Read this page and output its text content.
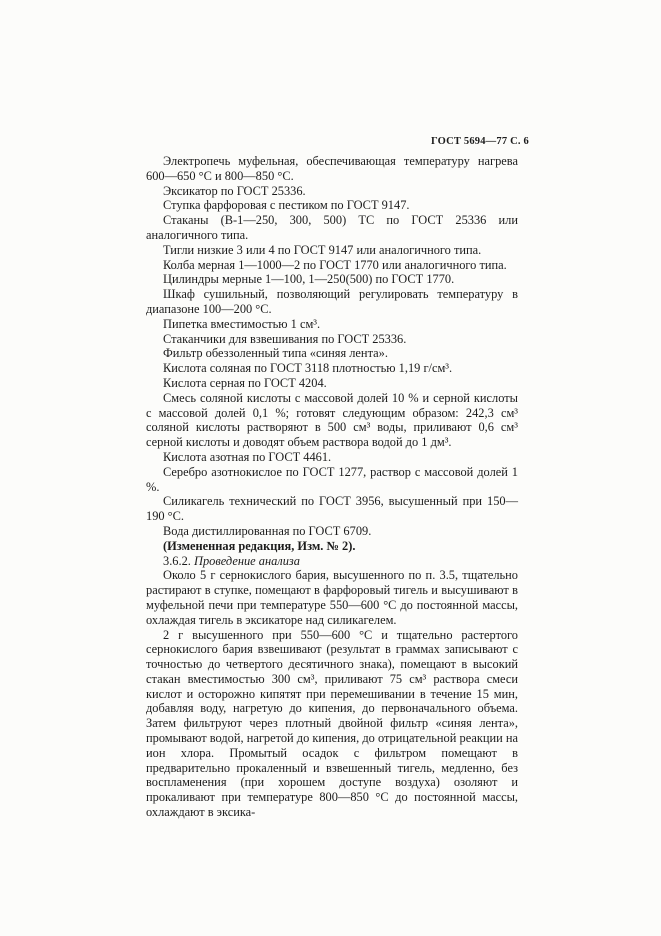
ГОСТ 5694—77 С. 6

Электропечь муфельная, обеспечивающая температуру нагрева 600—650 °С и 800—850 °С.

Эксикатор по ГОСТ 25336.

Ступка фарфоровая с пестиком по ГОСТ 9147.

Стаканы (В-1—250, 300, 500) ТС по ГОСТ 25336 или аналогичного типа.

Тигли низкие 3 или 4 по ГОСТ 9147 или аналогичного типа.

Колба мерная 1—1000—2 по ГОСТ 1770 или аналогичного типа.

Цилиндры мерные 1—100, 1—250(500) по ГОСТ 1770.

Шкаф сушильный, позволяющий регулировать температуру в диапазоне 100—200 °С.

Пипетка вместимостью 1 см³.

Стаканчики для взвешивания по ГОСТ 25336.

Фильтр обеззоленный типа «синяя лента».

Кислота соляная по ГОСТ 3118 плотностью 1,19 г/см³.

Кислота серная по ГОСТ 4204.

Смесь соляной кислоты с массовой долей 10 % и серной кислоты с массовой долей 0,1 %; готовят следующим образом: 242,3 см³ соляной кислоты растворяют в 500 см³ воды, приливают 0,6 см³ серной кислоты и доводят объем раствора водой до 1 дм³.

Кислота азотная по ГОСТ 4461.

Серебро азотнокислое по ГОСТ 1277, раствор с массовой долей 1 %.

Силикагель технический по ГОСТ 3956, высушенный при 150—190 °С.

Вода дистиллированная по ГОСТ 6709.

(Измененная редакция, Изм. № 2).

3.6.2. Проведение анализа

Около 5 г сернокислого бария, высушенного по п. 3.5, тщательно растирают в ступке, помещают в фарфоровый тигель и высушивают в муфельной печи при температуре 550—600 °С до постоянной массы, охлаждая тигель в эксикаторе над силикагелем.

2 г высушенного при 550—600 °С и тщательно растертого сернокислого бария взвешивают (результат в граммах записывают с точностью до четвертого десятичного знака), помещают в высокий стакан вместимостью 300 см³, приливают 75 см³ раствора смеси кислот и осторожно кипятят при перемешивании в течение 15 мин, добавляя воду, нагретую до кипения, до первоначального объема. Затем фильтруют через плотный двойной фильтр «синяя лента», промывают водой, нагретой до кипения, до отрицательной реакции на ион хлора. Промытый осадок с фильтром помещают в предварительно прокаленный и взвешенный тигель, медленно, без воспламенения (при хорошем доступе воздуха) озоляют и прокаливают при температуре 800—850 °С до постоянной массы, охлаждают в эксика-
